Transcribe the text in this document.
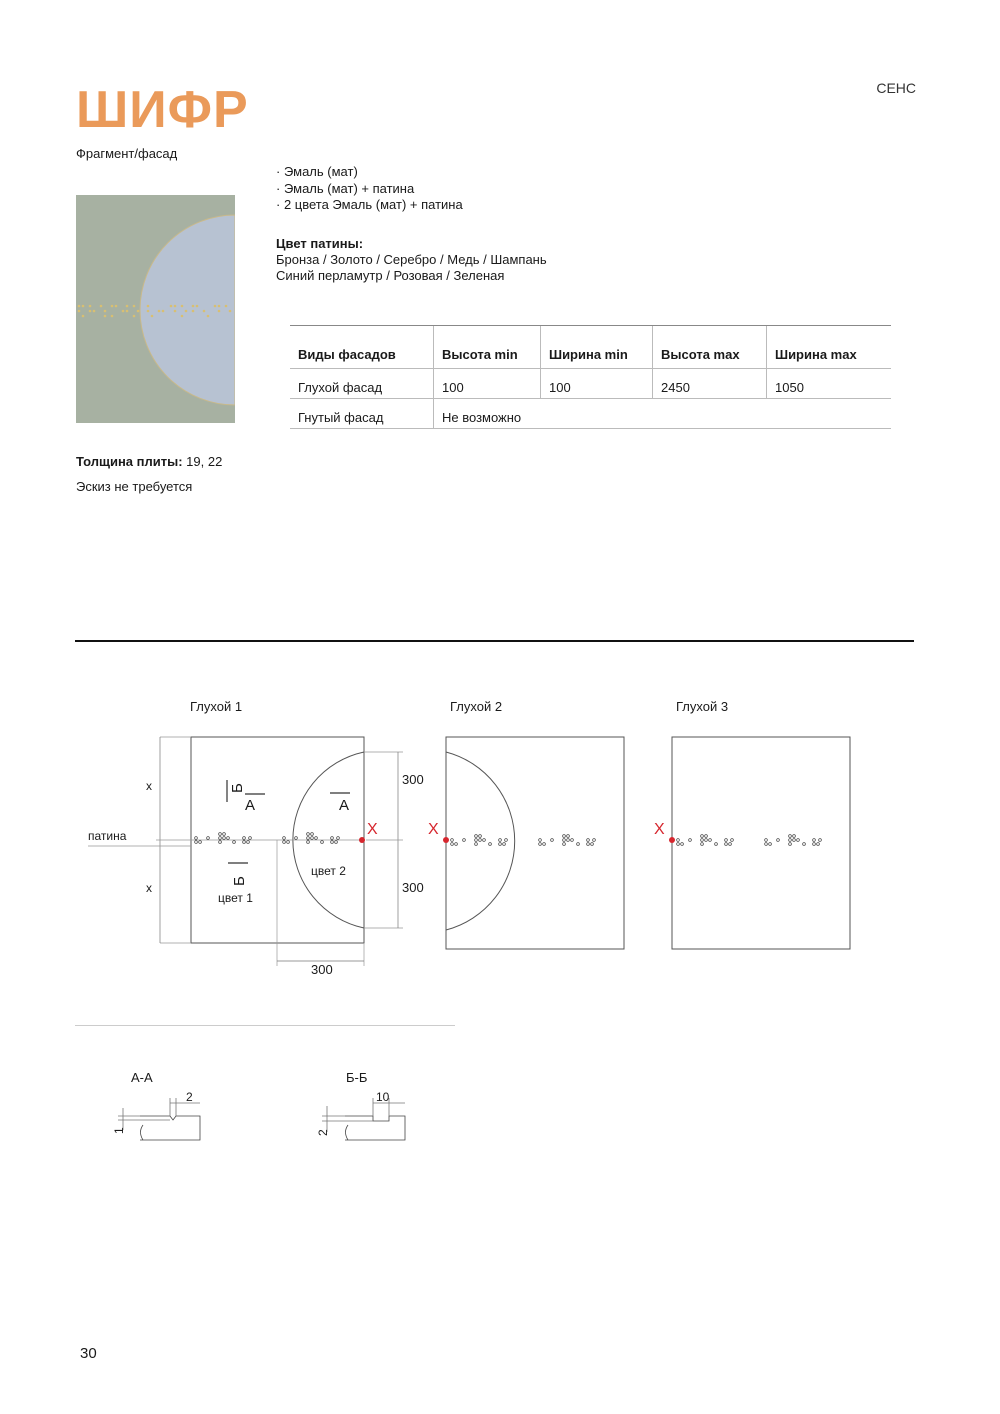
ШИФР	СЕНС
Фрагмент/фасад
· Эмаль (мат)
· Эмаль (мат) + патина
· 2 цвета Эмаль (мат) + патина
Цвет патины:
Бронза / Золото / Серебро / Медь / Шампань
Синий перламутр / Розовая / Зеленая
Толщина плиты: 19, 22
Эскиз не требуется
Виды фасадов	Высота min	Ширина min	Высота max	Ширина max
Глухой фасад	100	100	2450	1050
Гнутый фасад	Не возможно			
Глухой 1	Глухой 2	Глухой 3
x
x
патина
цвет 1
цвет 2
300
300
300
Б
А	А
Б
X	X	X
А-А
2
1
Б-Б
10
2
30
